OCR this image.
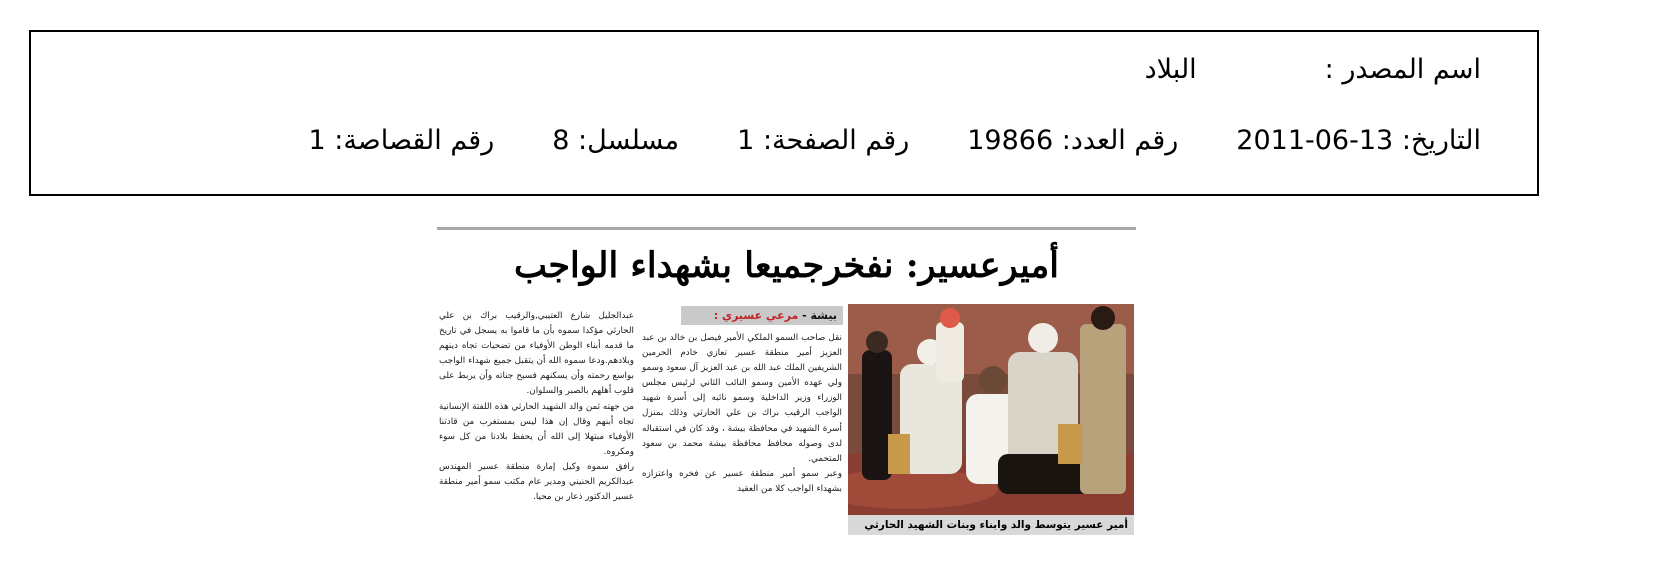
اسم المصدر :البلاد
التاريخ: 2011-06-13رقم العدد: 19866رقم الصفحة: 1مسلسل: 8رقم القصاصة: 1
أميرعسير: نفخرجميعا بشهداء الواجب

عبدالجليل شارع العتيبي,والرقيب براك بن علي الحارثي مؤكدا سموه بأن ما قاموا به يسجل في تاريخ ما قدمه أبناء الوطن الأوفياء من تضحيات تجاه دينهم وبلادهم.ودعا سموه الله أن يتقبل جميع شهداء الواجب بواسع رحمته وأن يسكنهم فسيح جناته وأن يربط على قلوب أهلهم بالصبر والسلوان.

من جهته ثمن والد الشهيد الحارثي هذه اللفتة الإنسانية تجاه أبنهم وقال إن هذا ليس بمستغرب من قادتنا الأوفياء مبتهلا إلى الله أن يحفظ بلادنا من كل سوء ومكروه.

رافق سموه وكيل إمارة منطقة عسير المهندس عبدالكريم الحنيني ومدير عام مكتب سمو أمير منطقة عسير الدكتور ذعار بن محيا.

بيشة - مرعي عسيري :

نقل صاحب السمو الملكي الأمير فيصل بن خالد بن عبد العزيز أمير منطقة عسير تعازي خادم الحرمين الشريفين الملك عبد الله بن عبد العزيز آل سعود وسمو ولي عهده الأمين وسمو النائب الثاني لرئيس مجلس الوزراء وزير الداخلية وسمو نائبه إلى أسرة شهيد الواجب الرقيب براك بن علي الحارثي وذلك بمنزل أسرة الشهيد في محافظة بيشة ، وقد كان في استقباله لدى وصوله محافظ محافظة بيشة محمد بن سعود المتحمي.

وعبر سمو أمير منطقة عسير عن فخره واعتزازه بشهداء الواجب كلا من العقيد

أمير عسير يتوسط والد وابناء وبنات الشهيد الحارثي
